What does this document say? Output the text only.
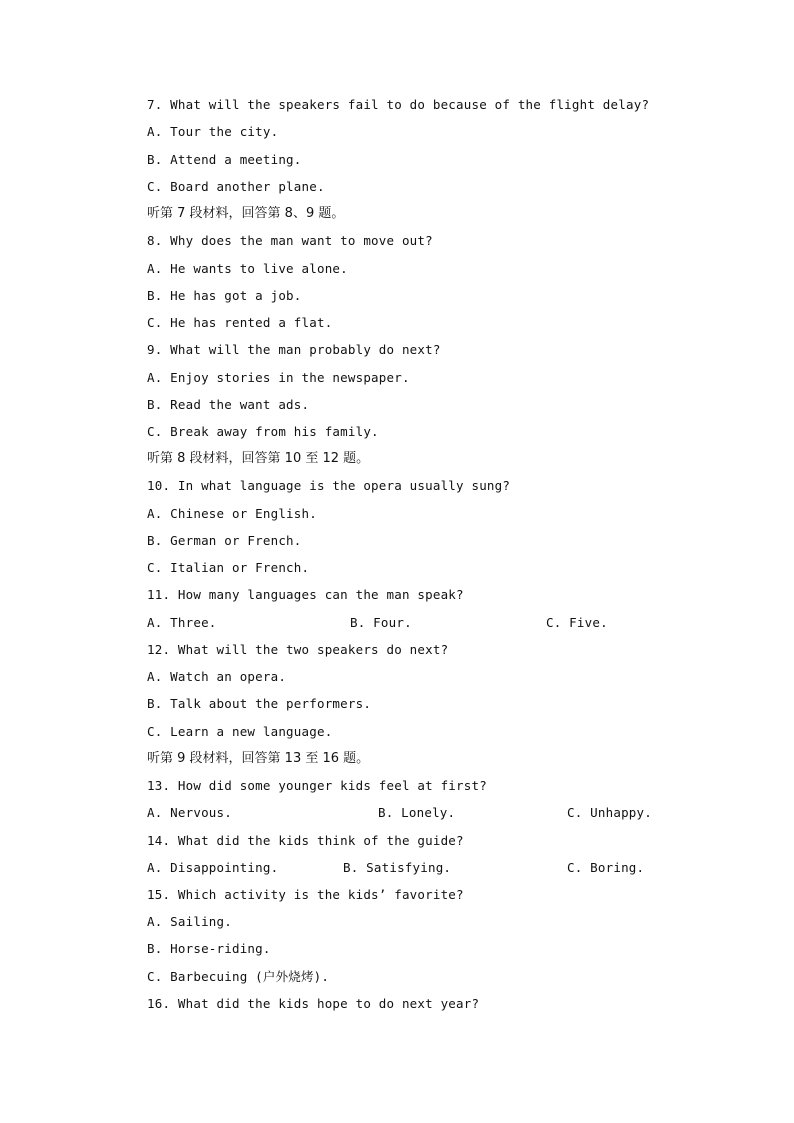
7. What will the speakers fail to do because of the flight delay?
A. Tour the city.
B. Attend a meeting.
C. Board another plane.
听第 7 段材料，回答第 8、9 题。
8. Why does the man want to move out?
A. He wants to live alone.
B. He has got a job.
C. He has rented a flat.
9. What will the man probably do next?
A. Enjoy stories in the newspaper.
B. Read the want ads.
C. Break away from his family.
听第 8 段材料，回答第 10 至 12 题。
10. In what language is the opera usually sung?
A. Chinese or English.
B. German or French.
C. Italian or French.
11. How many languages can the man speak?

A. Three.

	B. Four.

	C. Five.

12. What will the two speakers do next?
A. Watch an opera.
B. Talk about the performers.
C. Learn a new language.
听第 9 段材料，回答第 13 至 16 题。
13. How did some younger kids feel at first?

A. Nervous.

	B. Lonely.

	C. Unhappy.

14. What did the kids think of the guide?

A. Disappointing.

	B. Satisfying.

	C. Boring.

15. Which activity is the kids’ favorite?
A. Sailing.
B. Horse-riding.
C. Barbecuing (户外烧烤).
16. What did the kids hope to do next year?
